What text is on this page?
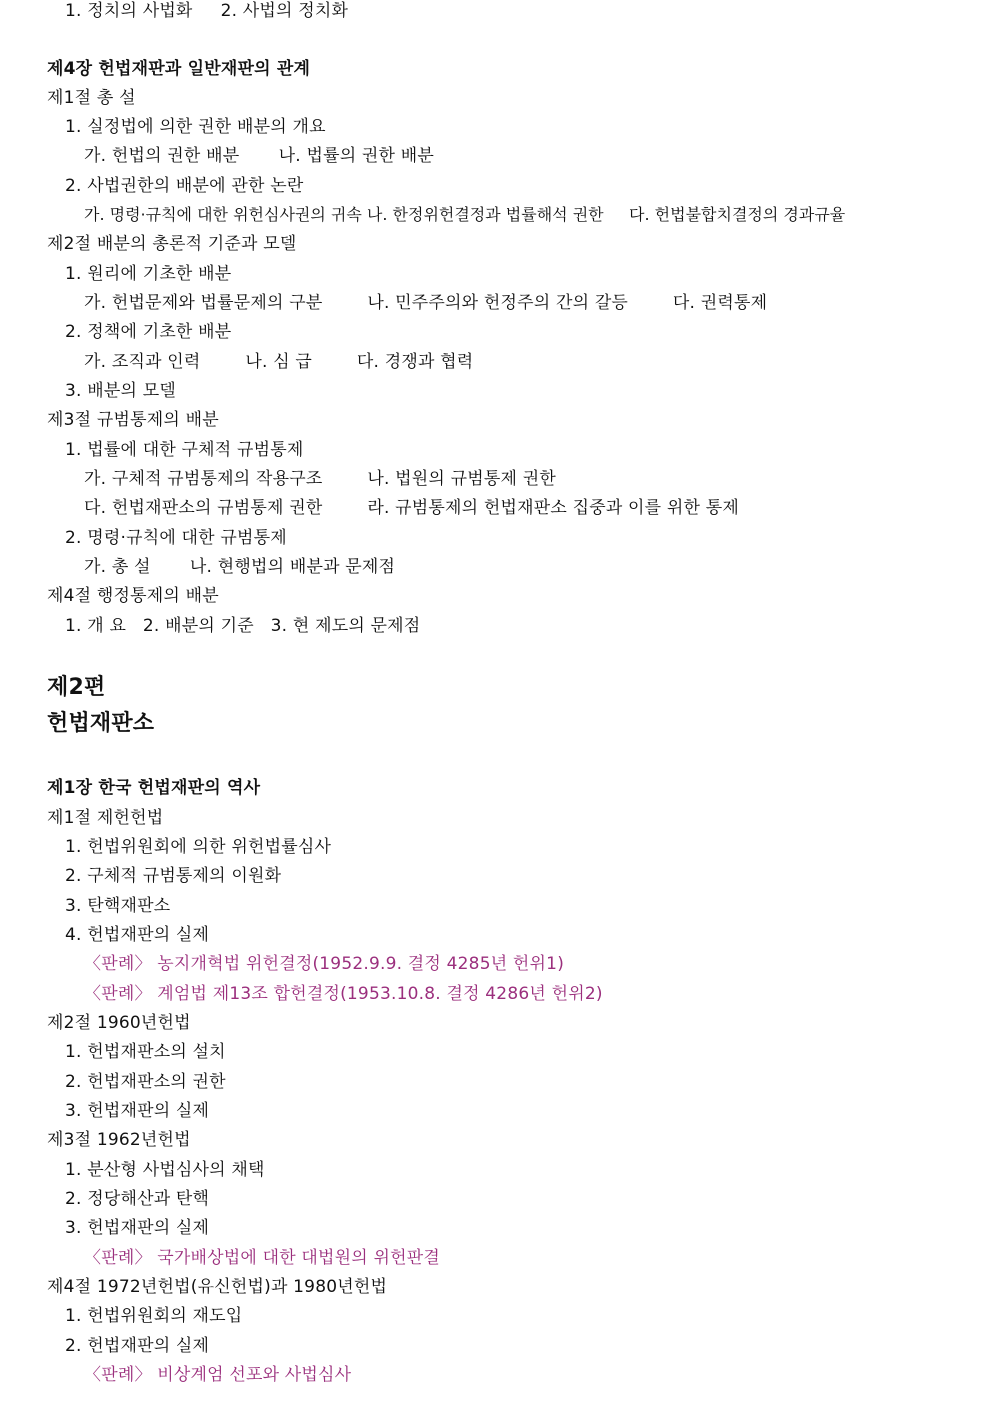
1. 정치의 사법화     2. 사법의 정치화
제4장 헌법재판과 일반재판의 관계
제1절 총 설
1. 실정법에 의한 권한 배분의 개요
가. 헌법의 권한 배분       나. 법률의 권한 배분
2. 사법권한의 배분에 관한 논란
가. 명령·규칙에 대한 위헌심사권의 귀속 나. 한정위헌결정과 법률해석 권한     다. 헌법불합치결정의 경과규율
제2절 배분의 총론적 기준과 모델
1. 원리에 기초한 배분
가. 헌법문제와 법률문제의 구분        나. 민주주의와 헌정주의 간의 갈등        다. 권력통제
2. 정책에 기초한 배분
가. 조직과 인력        나. 심 급        다. 경쟁과 협력
3. 배분의 모델
제3절 규범통제의 배분
1. 법률에 대한 구체적 규범통제
가. 구체적 규범통제의 작용구조        나. 법원의 규범통제 권한
다. 헌법재판소의 규범통제 권한        라. 규범통제의 헌법재판소 집중과 이를 위한 통제
2. 명령·규칙에 대한 규범통제
가. 총 설       나. 현행법의 배분과 문제점
제4절 행정통제의 배분
1. 개 요   2. 배분의 기준   3. 현 제도의 문제점
제2편
헌법재판소
제1장 한국 헌법재판의 역사
제1절 제헌헌법
1. 헌법위원회에 의한 위헌법률심사
2. 구체적 규범통제의 이원화
3. 탄핵재판소
4. 헌법재판의 실제
〈판례〉 농지개혁법 위헌결정(1952.9.9. 결정 4285년 헌위1)
〈판례〉 계엄법 제13조 합헌결정(1953.10.8. 결정 4286년 헌위2)
제2절 1960년헌법
1. 헌법재판소의 설치
2. 헌법재판소의 권한
3. 헌법재판의 실제
제3절 1962년헌법
1. 분산형 사법심사의 채택
2. 정당해산과 탄핵
3. 헌법재판의 실제
〈판례〉 국가배상법에 대한 대법원의 위헌판결
제4절 1972년헌법(유신헌법)과 1980년헌법
1. 헌법위원회의 재도입
2. 헌법재판의 실제
〈판례〉 비상계엄 선포와 사법심사
